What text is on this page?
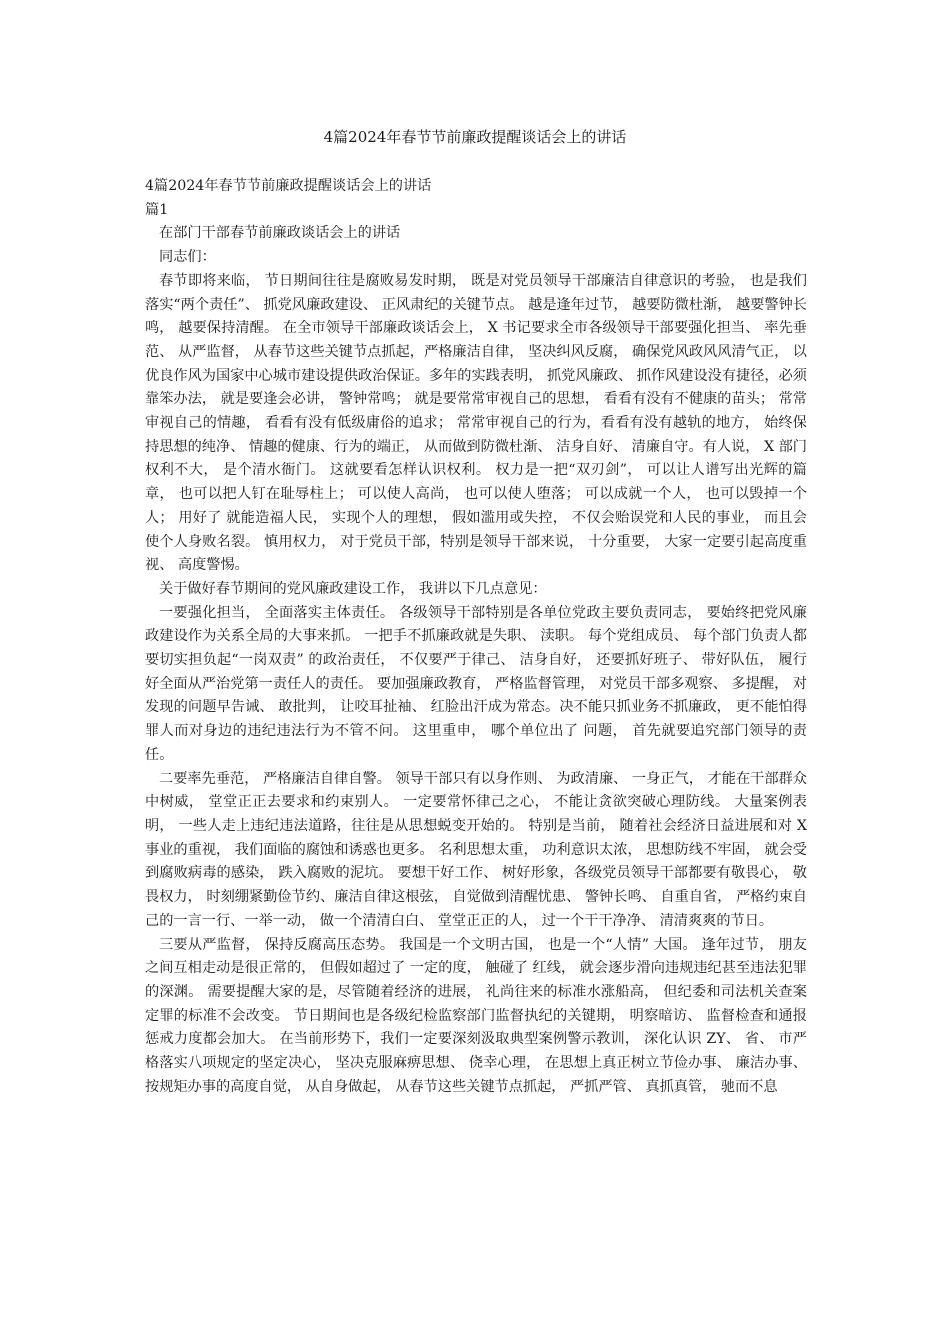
4篇2024年春节节前廉政提醒谈话会上的讲话

4篇2024年春节节前廉政提醒谈话会上的讲话

篇1

在部门干部春节前廉政谈话会上的讲话

同志们：

春节即将来临， 节日期间往往是腐败易发时期， 既是对党员领导干部廉洁自律意识的考验， 也是我们落实“两个责任”、 抓党风廉政建设、 正风肃纪的关键节点。 越是逢年过节， 越要防微杜渐， 越要警钟长鸣， 越要保持清醒。 在全市领导干部廉政谈话会上， X 书记要求全市各级领导干部要强化担当、 率先垂范、 从严监督， 从春节这些关键节点抓起，严格廉洁自律， 坚决纠风反腐， 确保党风政风风清气正， 以优良作风为国家中心城市建设提供政治保证。多年的实践表明， 抓党风廉政、 抓作风建设没有捷径，必须靠笨办法， 就是要逢会必讲， 警钟常鸣； 就是要常常审视自己的思想， 看看有没有不健康的苗头； 常常审视自己的情趣， 看看有没有低级庸俗的追求； 常常审视自己的行为，看看有没有越轨的地方， 始终保持思想的纯净、 情趣的健康、行为的端正， 从而做到防微杜渐、 洁身自好、 清廉自守。有人说， X 部门权利不大， 是个清水衙门。 这就要看怎样认识权利。 权力是一把“双刃剑”， 可以让人谱写出光辉的篇章， 也可以把人钉在耻辱柱上； 可以使人高尚， 也可以使人堕落； 可以成就一个人， 也可以毁掉一个人； 用好了 就能造福人民， 实现个人的理想， 假如滥用或失控， 不仅会贻误党和人民的事业， 而且会使个人身败名裂。 慎用权力， 对于党员干部，特别是领导干部来说， 十分重要， 大家一定要引起高度重视、 高度警惕。

关于做好春节期间的党风廉政建设工作， 我讲以下几点意见：

一要强化担当， 全面落实主体责任。 各级领导干部特别是各单位党政主要负责同志， 要始终把党风廉政建设作为关系全局的大事来抓。 一把手不抓廉政就是失职、 渎职。 每个党组成员、 每个部门负责人都要切实担负起“一岗双责” 的政治责任， 不仅要严于律己、 洁身自好， 还要抓好班子、 带好队伍， 履行好全面从严治党第一责任人的责任。 要加强廉政教育， 严格监督管理， 对党员干部多观察、 多提醒， 对发现的问题早告诫、 敢批判， 让咬耳扯袖、 红脸出汗成为常态。决不能只抓业务不抓廉政， 更不能怕得罪人而对身边的违纪违法行为不管不问。 这里重申， 哪个单位出了 问题， 首先就要追究部门领导的责任。

二要率先垂范， 严格廉洁自律自警。 领导干部只有以身作则、 为政清廉、 一身正气， 才能在干部群众中树威， 堂堂正正去要求和约束别人。 一定要常怀律己之心， 不能让贪欲突破心理防线。 大量案例表明， 一些人走上违纪违法道路，往往是从思想蜕变开始的。 特别是当前， 随着社会经济日益进展和对 X 事业的重视， 我们面临的腐蚀和诱惑也更多。 名利思想太重， 功利意识太浓， 思想防线不牢固， 就会受到腐败病毒的感染， 跌入腐败的泥坑。 要想干好工作、 树好形象，各级党员领导干部都要有敬畏心， 敬畏权力， 时刻绷紧勤俭节约、廉洁自律这根弦， 自觉做到清醒忧患、 警钟长鸣、 自重自省， 严格约束自己的一言一行、一举一动， 做一个清清白白、 堂堂正正的人， 过一个干干净净、 清清爽爽的节日。

三要从严监督， 保持反腐高压态势。 我国是一个文明古国， 也是一个“人情” 大国。 逢年过节， 朋友之间互相走动是很正常的， 但假如超过了 一定的度， 触碰了 红线， 就会逐步滑向违规违纪甚至违法犯罪的深渊。 需要提醒大家的是，尽管随着经济的进展， 礼尚往来的标准水涨船高， 但纪委和司法机关查案定罪的标准不会改变。 节日期间也是各级纪检监察部门监督执纪的关键期， 明察暗访、 监督检查和通报惩戒力度都会加大。 在当前形势下，我们一定要深刻汲取典型案例警示教训， 深化认识 ZY、 省、 市严格落实八项规定的坚定决心， 坚决克服麻痹思想、 侥幸心理， 在思想上真正树立节俭办事、 廉洁办事、 按规矩办事的高度自觉， 从自身做起， 从春节这些关键节点抓起， 严抓严管、 真抓真管， 驰而不息
